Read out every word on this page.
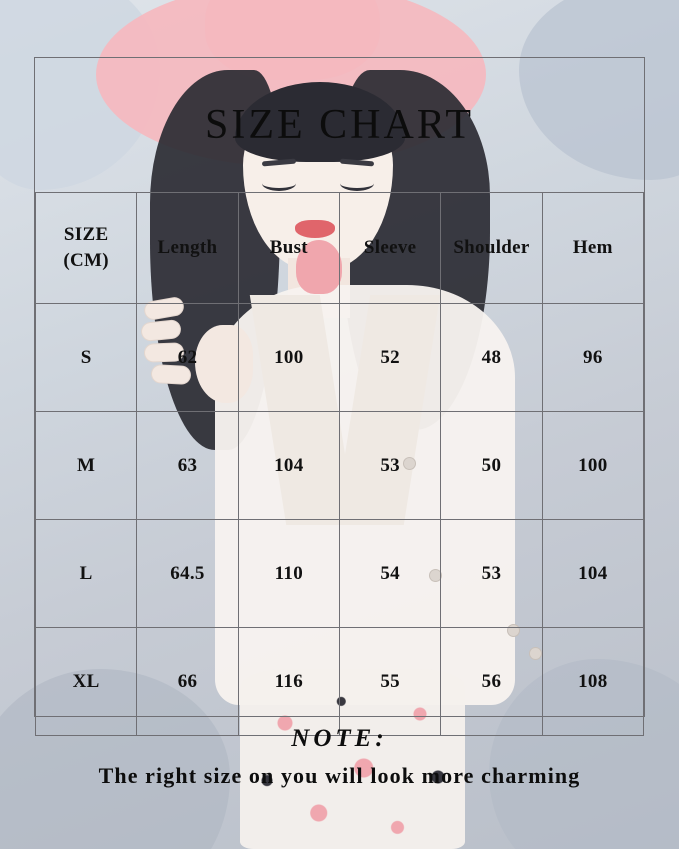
SIZE CHART					

SIZE
(CM)	Length	Bust	Sleeve	Shoulder	Hem
S	62	100	52	48	96
M	63	104	53	50	100
L	64.5	110	54	53	104
XL	66	116	55	56	108
NOTE:
The right size on you will look more charming
